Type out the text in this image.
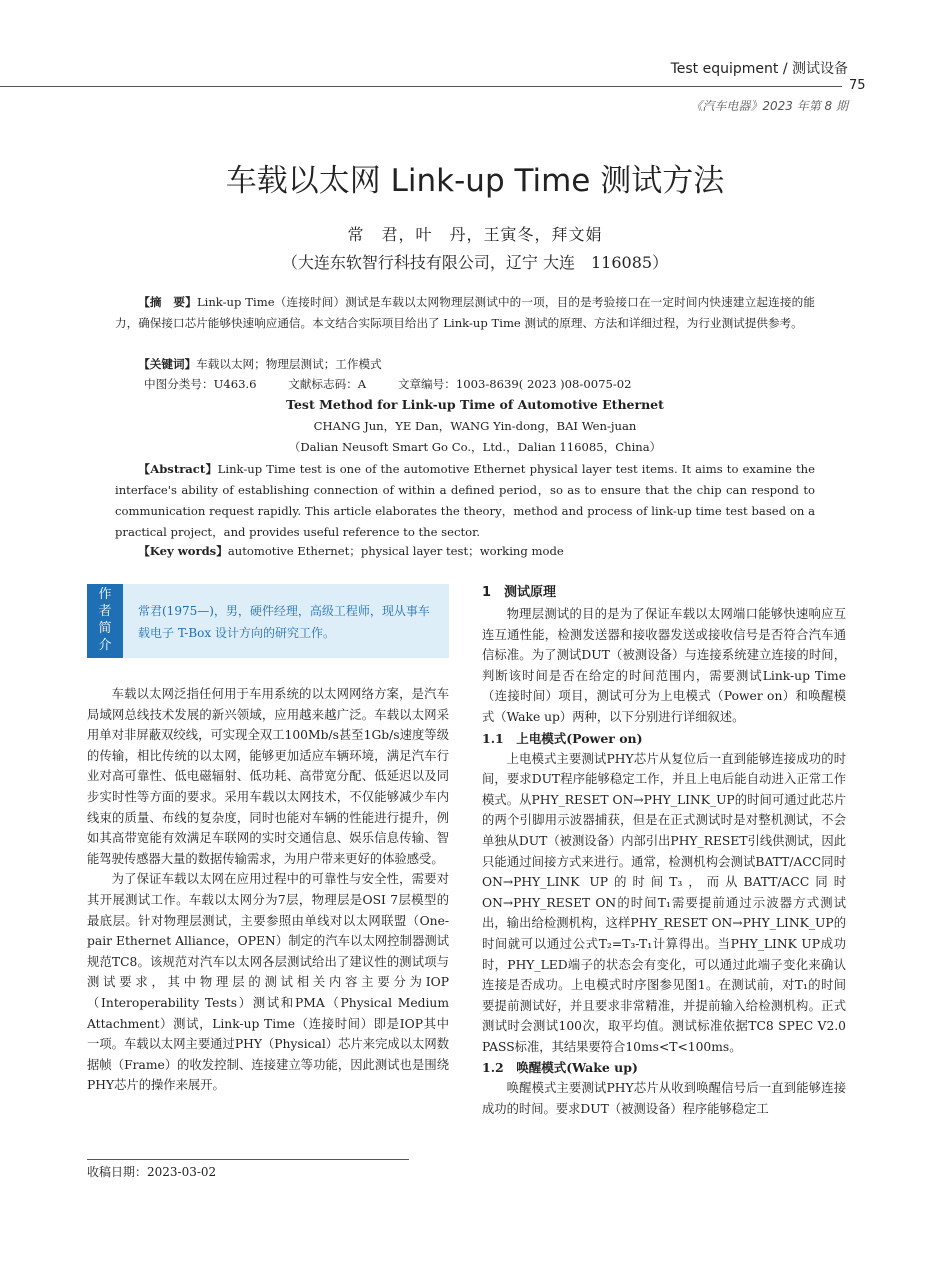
Test equipment / 测试设备
75
《汽车电器》2023 年第 8 期
车载以太网 Link-up Time 测试方法
常　君，叶　丹，王寅冬，拜文娟
（大连东软智行科技有限公司，辽宁 大连　116085）

【摘　要】Link-up Time（连接时间）测试是车载以太网物理层测试中的一项，目的是考验接口在一定时间内快速建立起连接的能力，确保接口芯片能够快速响应通信。本文结合实际项目给出了 Link-up Time 测试的原理、方法和详细过程，为行业测试提供参考。

【关键词】车载以太网；物理层测试；工作模式

中图分类号：U463.6	文献标志码：A	文章编号：1003-8639( 2023 )08-0075-02
Test Method for Link-up Time of Automotive Ethernet
CHANG Jun，YE Dan，WANG Yin-dong，BAI Wen-juan
（Dalian Neusoft Smart Go Co.，Ltd.，Dalian 116085，China）

【Abstract】Link-up Time test is one of the automotive Ethernet physical layer test items. It aims to examine the interface's ability of establishing connection of within a defined period，so as to ensure that the chip can respond to communication request rapidly. This article elaborates the theory，method and process of link-up time test based on a practical project，and provides useful reference to the sector.

【Key words】automotive Ethernet；physical layer test；working mode

作
者
简
介
常君(1975—)，男，硬件经理，高级工程师，现从事车载电子 T-Box 设计方向的研究工作。

车载以太网泛指任何用于车用系统的以太网网络方案，是汽车局域网总线技术发展的新兴领域，应用越来越广泛。车载以太网采用单对非屏蔽双绞线，可实现全双工100Mb/s甚至1Gb/s速度等级的传输，相比传统的以太网，能够更加适应车辆环境，满足汽车行业对高可靠性、低电磁辐射、低功耗、高带宽分配、低延迟以及同步实时性等方面的要求。采用车载以太网技术，不仅能够减少车内线束的质量、布线的复杂度，同时也能对车辆的性能进行提升，例如其高带宽能有效满足车联网的实时交通信息、娱乐信息传输、智能驾驶传感器大量的数据传输需求，为用户带来更好的体验感受。

为了保证车载以太网在应用过程中的可靠性与安全性，需要对其开展测试工作。车载以太网分为7层，物理层是OSI 7层模型的最底层。针对物理层测试，主要参照由单线对以太网联盟（One-pair Ethernet Alliance，OPEN）制定的汽车以太网控制器测试规范TC8。该规范对汽车以太网各层测试给出了建议性的测试项与测试要求，其中物理层的测试相关内容主要分为IOP （Interoperability Tests）测试和PMA（Physical Medium Attachment）测试，Link-up Time（连接时间）即是IOP其中一项。车载以太网主要通过PHY（Physical）芯片来完成以太网数据帧（Frame）的收发控制、连接建立等功能，因此测试也是围绕PHY芯片的操作来展开。

收稿日期：2023-03-02
1　测试原理

物理层测试的目的是为了保证车载以太网端口能够快速响应互连互通性能，检测发送器和接收器发送或接收信号是否符合汽车通信标准。为了测试DUT（被测设备）与连接系统建立连接的时间，判断该时间是否在给定的时间范围内，需要测试Link-up Time（连接时间）项目，测试可分为上电模式（Power on）和唤醒模式（Wake up）两种，以下分别进行详细叙述。

1.1　上电模式(Power on)

上电模式主要测试PHY芯片从复位后一直到能够连接成功的时间，要求DUT程序能够稳定工作，并且上电后能自动进入正常工作模式。从PHY_RESET ON→PHY_LINK_UP的时间可通过此芯片的两个引脚用示波器捕获，但是在正式测试时是对整机测试，不会单独从DUT（被测设备）内部引出PHY_RESET引线供测试，因此只能通过间接方式来进行。通常，检测机构会测试BATT/ACC同时ON→PHY_LINK UP的时间T₃，而从BATT/ACC同时ON→PHY_RESET ON的时间T₁需要提前通过示波器方式测试出，输出给检测机构，这样PHY_RESET ON→PHY_LINK_UP的时间就可以通过公式T₂=T₃-T₁计算得出。当PHY_LINK UP成功时，PHY_LED端子的状态会有变化，可以通过此端子变化来确认连接是否成功。上电模式时序图参见图1。在测试前，对T₁的时间要提前测试好，并且要求非常精准，并提前输入给检测机构。正式测试时会测试100次，取平均值。测试标准依据TC8 SPEC V2.0 PASS标准，其结果要符合10ms<T<100ms。

1.2　唤醒模式(Wake up)

唤醒模式主要测试PHY芯片从收到唤醒信号后一直到能够连接成功的时间。要求DUT（被测设备）程序能够稳定工
